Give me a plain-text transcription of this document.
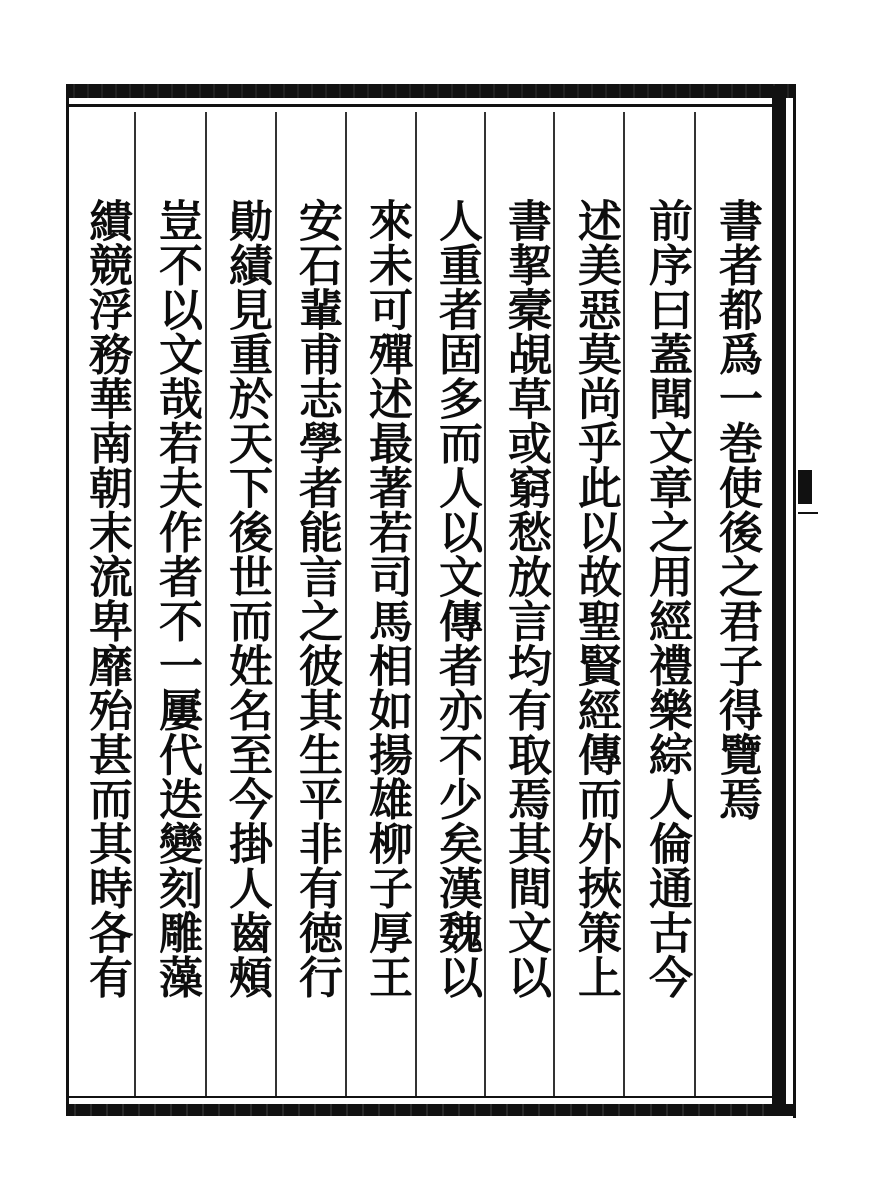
書者都爲一巻使後之君子得覽焉
前序曰蓋聞文章之用經禮樂綜人倫通古今
述美惡莫尚乎此以故聖賢經傳而外挾策上
書挈槖覘草或窮愁放言均有取焉其間文以
人重者固多而人以文傳者亦不少矣漢魏以
來未可殫述最著若司馬相如揚雄柳子厚王
安石輩甫志學者能言之彼其生平非有徳行
勛績見重於天下後世而姓名至今掛人齒頰
豈不以文哉若夫作者不一屢代迭變刻雕藻
繢競浮務華南朝末流卑靡殆甚而其時各有
